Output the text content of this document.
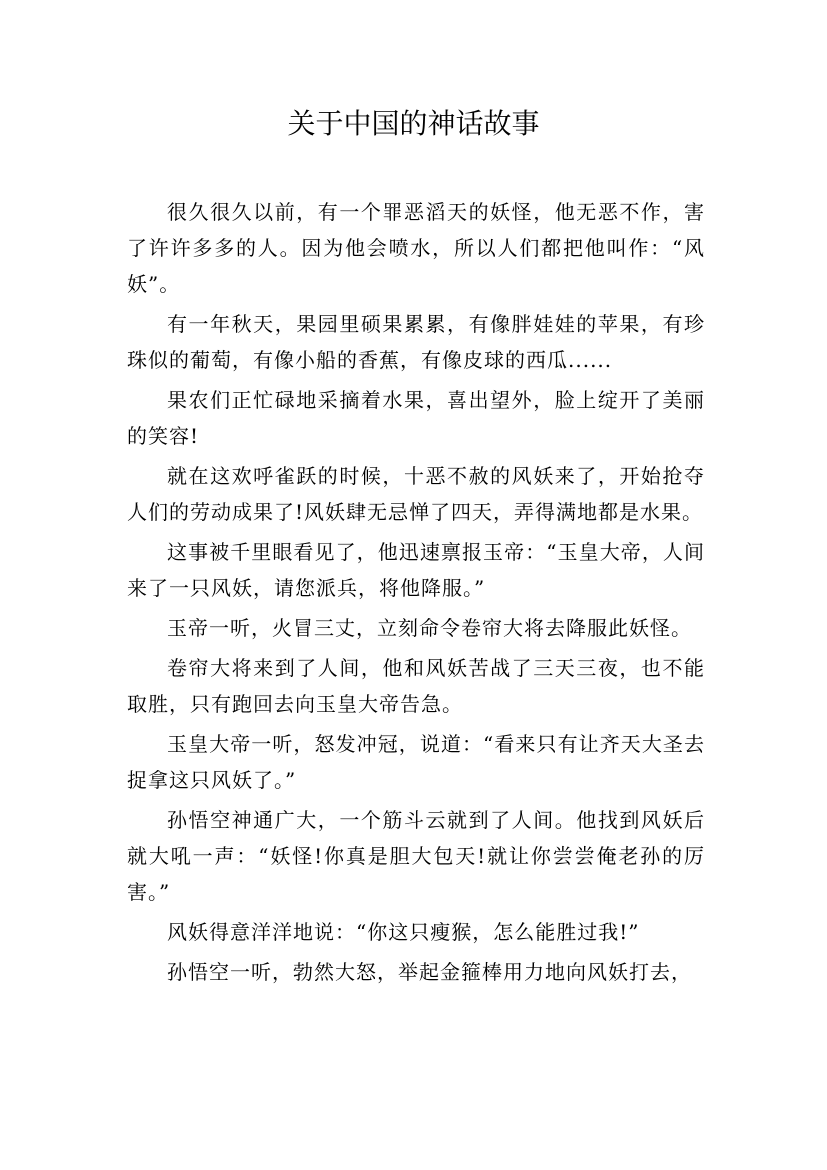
关于中国的神话故事

很久很久以前，有一个罪恶滔天的妖怪，他无恶不作，害了许许多多的人。因为他会喷水，所以人们都把他叫作：“风妖”。

有一年秋天，果园里硕果累累，有像胖娃娃的苹果，有珍珠似的葡萄，有像小船的香蕉，有像皮球的西瓜......

果农们正忙碌地采摘着水果，喜出望外，脸上绽开了美丽的笑容!

就在这欢呼雀跃的时候，十恶不赦的风妖来了，开始抢夺人们的劳动成果了!风妖肆无忌惮了四天，弄得满地都是水果。

这事被千里眼看见了，他迅速禀报玉帝：“玉皇大帝，人间来了一只风妖，请您派兵，将他降服。”

玉帝一听，火冒三丈，立刻命令卷帘大将去降服此妖怪。

卷帘大将来到了人间，他和风妖苦战了三天三夜，也不能取胜，只有跑回去向玉皇大帝告急。

玉皇大帝一听，怒发冲冠，说道：“看来只有让齐天大圣去捉拿这只风妖了。”

孙悟空神通广大，一个筋斗云就到了人间。他找到风妖后就大吼一声：“妖怪!你真是胆大包天!就让你尝尝俺老孙的厉害。”

风妖得意洋洋地说：“你这只瘦猴，怎么能胜过我!”

孙悟空一听，勃然大怒，举起金箍棒用力地向风妖打去，
